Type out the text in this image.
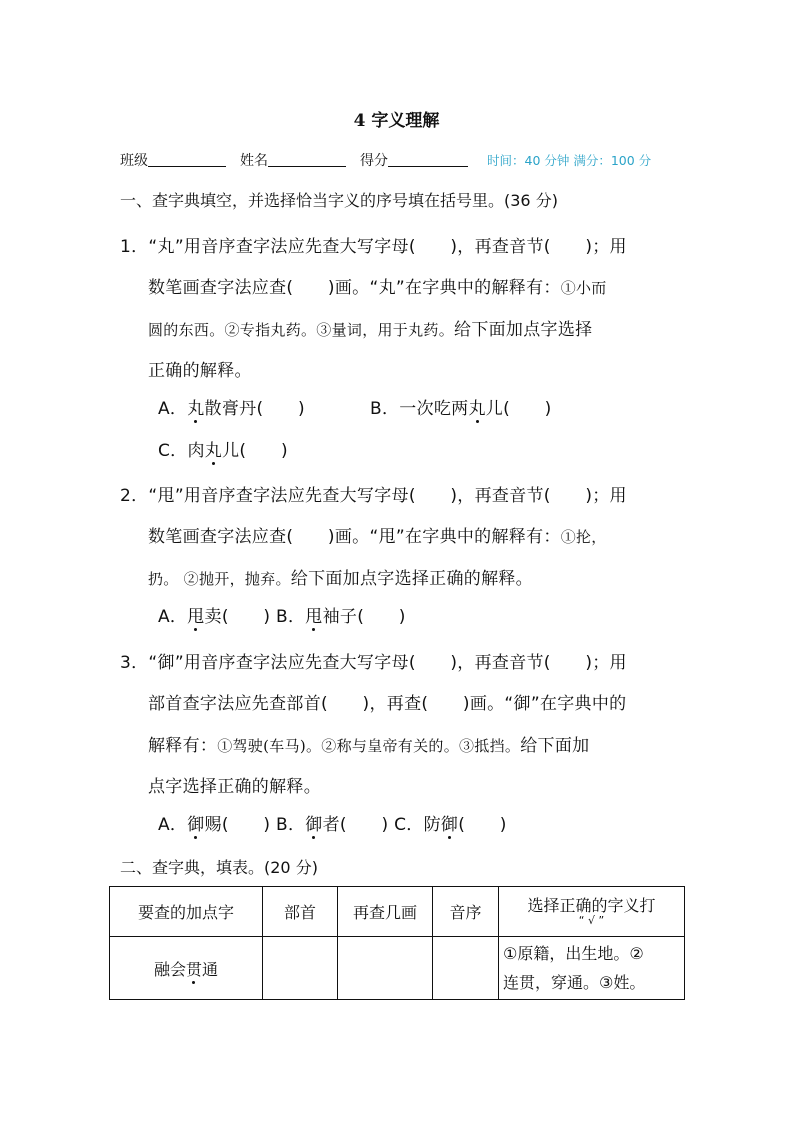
4 字义理解
班级	姓名	得分	时间：40 分钟 满分：100 分
一、查字典填空，并选择恰当字义的序号填在括号里。(36 分)
1．“丸”用音序查字法应先查大写字母(　　)，再查音节(　　)；用
数笔画查字法应查(　　)画。“丸”在字典中的解释有：①小而
圆的东西。②专指丸药。③量词，用于丸药。给下面加点字选择
正确的解释。
A．丸散膏丹(　　)	B．一次吃两丸儿(　　)
C．肉丸儿(　　)
2．“甩”用音序查字法应先查大写字母(　　)，再查音节(　　)；用
数笔画查字法应查(　　)画。“甩”在字典中的解释有：①抡，
扔。 ②抛开，抛弃。给下面加点字选择正确的解释。
A．甩卖(　　) B．甩袖子(　　)
3．“御”用音序查字法应先查大写字母(　　)，再查音节(　　)；用
部首查字法应先查部首(　　)，再查(　　)画。“御”在字典中的
解释有：①驾驶(车马)。②称与皇帝有关的。③抵挡。给下面加
点字选择正确的解释。
A．御赐(　　) B．御者(　　) C．防御(　　)
二、查字典，填表。(20 分)
要查的加点字	部首	再查几画	音序	选择正确的字义打
“ √ ”

融会贯通				①原籍，出生地。②
连贯，穿通。③姓。
